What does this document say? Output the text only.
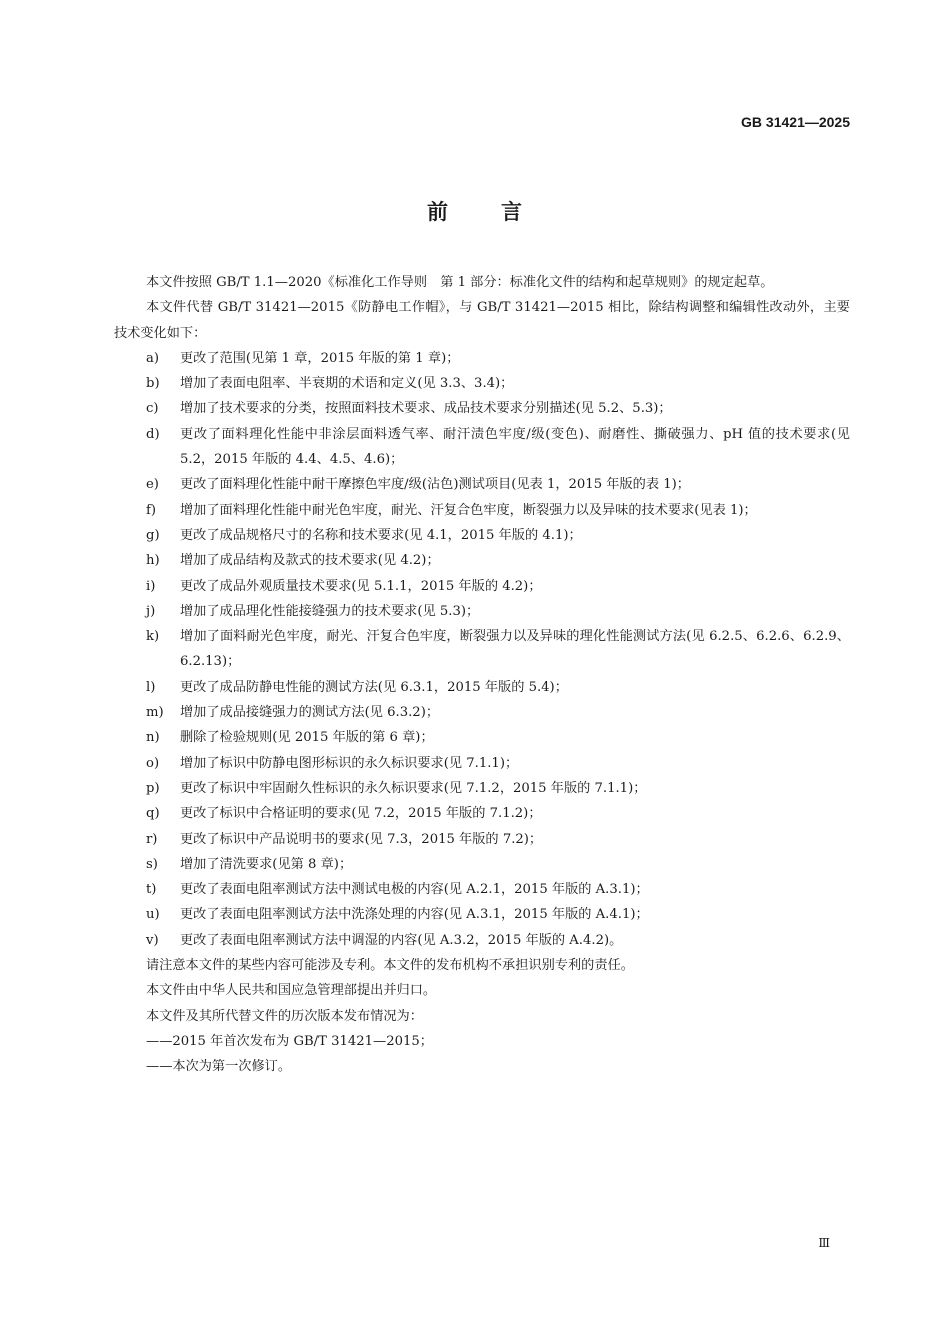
GB 31421—2025
前 言

本文件按照 GB/T 1.1—2020《标准化工作导则　第 1 部分：标准化文件的结构和起草规则》的规定起草。

本文件代替 GB/T 31421—2015《防静电工作帽》，与 GB/T 31421—2015 相比，除结构调整和编辑性改动外，主要技术变化如下：

a)	更改了范围(见第 1 章，2015 年版的第 1 章)；
b)	增加了表面电阻率、半衰期的术语和定义(见 3.3、3.4)；
c)	增加了技术要求的分类，按照面料技术要求、成品技术要求分别描述(见 5.2、5.3)；
d)	更改了面料理化性能中非涂层面料透气率、耐汗渍色牢度/级(变色)、耐磨性、撕破强力、pH 值的技术要求(见 5.2，2015 年版的 4.4、4.5、4.6)；
e)	更改了面料理化性能中耐干摩擦色牢度/级(沾色)测试项目(见表 1，2015 年版的表 1)；
f)	增加了面料理化性能中耐光色牢度，耐光、汗复合色牢度，断裂强力以及异味的技术要求(见表 1)；
g)	更改了成品规格尺寸的名称和技术要求(见 4.1，2015 年版的 4.1)；
h)	增加了成品结构及款式的技术要求(见 4.2)；
i)	更改了成品外观质量技术要求(见 5.1.1，2015 年版的 4.2)；
j)	增加了成品理化性能接缝强力的技术要求(见 5.3)；
k)	增加了面料耐光色牢度，耐光、汗复合色牢度，断裂强力以及异味的理化性能测试方法(见 6.2.5、6.2.6、6.2.9、6.2.13)；
l)	更改了成品防静电性能的测试方法(见 6.3.1，2015 年版的 5.4)；
m)	增加了成品接缝强力的测试方法(见 6.3.2)；
n)	删除了检验规则(见 2015 年版的第 6 章)；
o)	增加了标识中防静电图形标识的永久标识要求(见 7.1.1)；
p)	更改了标识中牢固耐久性标识的永久标识要求(见 7.1.2，2015 年版的 7.1.1)；
q)	更改了标识中合格证明的要求(见 7.2，2015 年版的 7.1.2)；
r)	更改了标识中产品说明书的要求(见 7.3，2015 年版的 7.2)；
s)	增加了清洗要求(见第 8 章)；
t)	更改了表面电阻率测试方法中测试电极的内容(见 A.2.1，2015 年版的 A.3.1)；
u)	更改了表面电阻率测试方法中洗涤处理的内容(见 A.3.1，2015 年版的 A.4.1)；
v)	更改了表面电阻率测试方法中调湿的内容(见 A.3.2，2015 年版的 A.4.2)。

请注意本文件的某些内容可能涉及专利。本文件的发布机构不承担识别专利的责任。

本文件由中华人民共和国应急管理部提出并归口。

本文件及其所代替文件的历次版本发布情况为：

——2015 年首次发布为 GB/T 31421—2015；

——本次为第一次修订。

Ⅲ
